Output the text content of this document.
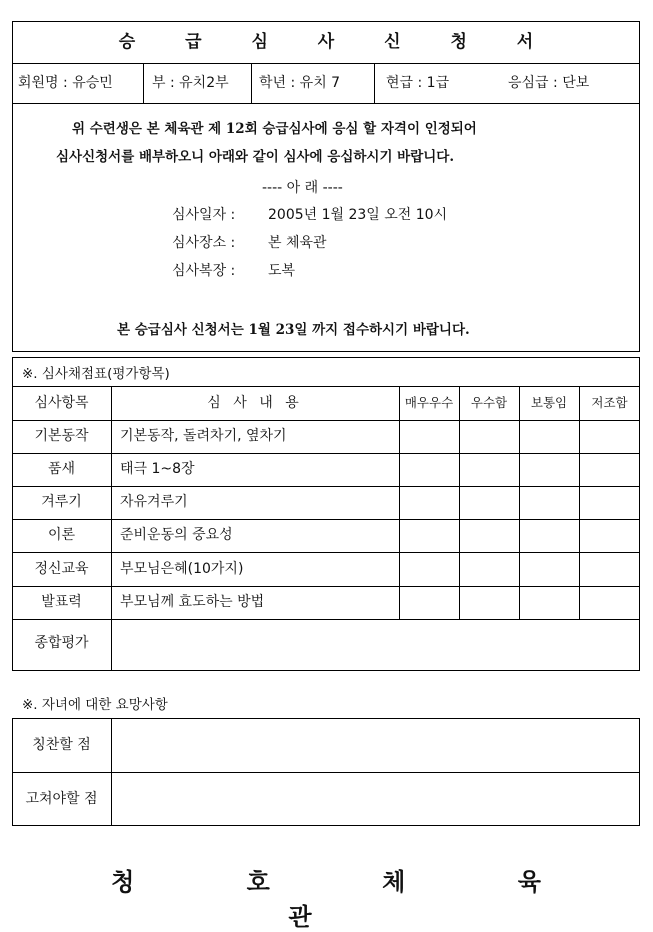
승 급 심 사 신 청 서
회원명 : 유승민	부 : 유치2부 학년 : 유치 7	현급 : 1급	응심급 : 단보
위 수련생은 본 체육관 제 12회 승급심사에 응심 할 자격이 인정되어
심사신청서를 배부하오니 아래와 같이 심사에 응십하시기 바랍니다.
---- 아 래 ----
심사일자 : 2005년 1월 23일 오전 10시
심사장소 : 본 체육관
심사복장 : 도복
본 승급심사 신청서는 1월 23일 까지 접수하시기 바랍니다.
※. 심사채점표(평가항목)
심사항목	심 사 내 용	매우우수	우수함	보통임	저조함
기본동작	기본동작, 돌려차기, 옆차기
품새	태극 1~8장
겨루기	자유겨루기
이론	준비운동의 중요성
정신교육	부모님은혜(10가지)
발표력	부모님께 효도하는 방법
종합평가
※. 자녀에 대한 요망사항
칭찬할 점
고쳐야할 점
청 호 체 육 관
